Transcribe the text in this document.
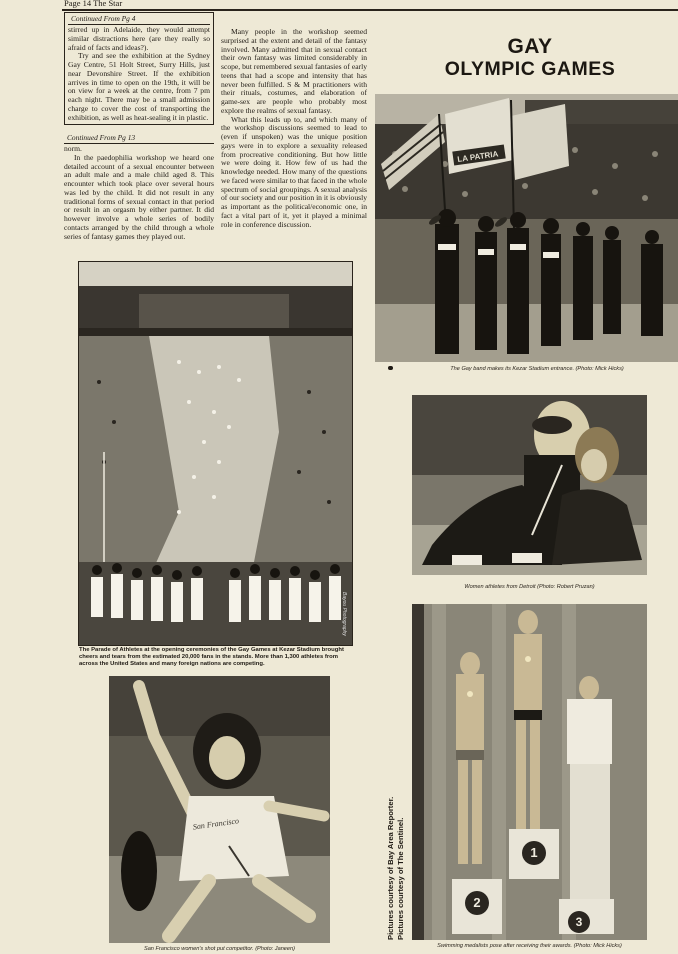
Page 14 The Star
Continued From Pg 4

stirred up in Adelaide, they would attempt similar distractions here (are they really so afraid of facts and ideas?).

Try and see the exhibition at the Sydney Gay Centre, 51 Holt Street, Surry Hills, just near Devonshire Street. If the exhibition arrives in time to open on the 19th, it will be on view for a week at the centre, from 7 pm each night. There may be a small admission charge to cover the cost of transporting the exhibition, as well as heat-sealing it in plastic.

Continued From Pg 13

norm.

In the paedophilia workshop we heard one detailed account of a sexual encounter between an adult male and a male child aged 8. This encounter which took place over several hours was led by the child. It did not result in any traditional forms of sexual contact in that period or result in an orgasm by either partner. It did however involve a whole series of bodily contacts arranged by the child through a whole series of fantasy games they played out.

Many people in the workshop seemed surprised at the extent and detail of the fantasy involved. Many admitted that in sexual contact their own fantasy was limited considerably in scope, but remembered sexual fantasies of early teens that had a scope and intensity that has never been fulfilled. S & M practitioners with their rituals, costumes, and elaboration of game-sex are people who probably most explore the realms of sexual fantasy.

What this leads up to, and which many of the workshop discussions seemed to lead to (even if unspoken) was the unique position gays were in to explore a sexuality released from procreative conditioning. But how little we were doing it. How few of us had the knowledge needed. How many of the questions we faced were similar to that faced in the whole spectrum of social groupings. A sexual analysis of our society and our position in it is obviously as important as the political/economic one, in fact a vital part of it, yet it played a minimal role in conference discussion.

GAY
OLYMPIC GAMES
LA PATRIA
The Gay band makes its Kezar Stadium entrance. (Photo: Mick Hicks)
Bayou Photography
The Parade of Athletes at the opening ceremonies of the Gay Games at Kezar Stadium brought cheers and tears from the estimated 20,000 fans in the stands. More than 1,300 athletes from across the United States and many foreign nations are competing.
Women athletes from Detroit (Photo: Robert Pruzan)
San Francisco
San Francisco women's shot put competitor. (Photo: Janeen)
Pictures courtesy of Bay Area Reporter. Pictures courtesy of The Sentinel.	1
2
3
Swimming medalists pose after receiving their awards. (Photo: Mick Hicks)
